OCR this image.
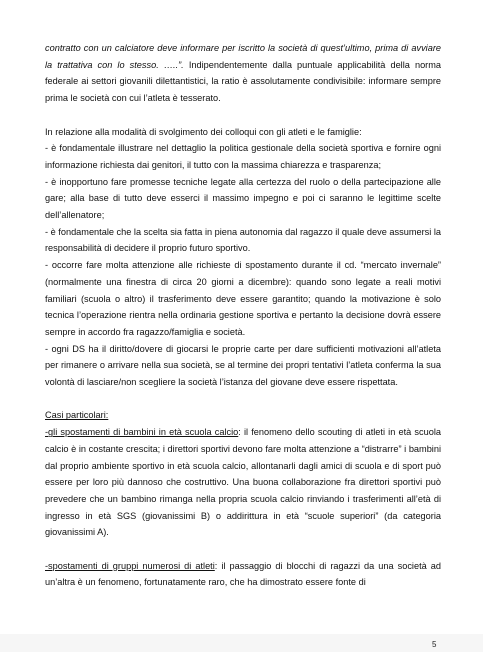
contratto con un calciatore deve informare per iscritto la società di quest’ultimo, prima di avviare la trattativa con lo stesso. …..”. Indipendentemente dalla puntuale applicabilità della norma federale ai settori giovanili dilettantistici, la ratio è assolutamente condivisibile: informare sempre prima le società con cui l’atleta è tesserato.

In relazione alla modalità di svolgimento dei colloqui con gli atleti e le famiglie:

- è fondamentale illustrare nel dettaglio la politica gestionale della società sportiva e fornire ogni informazione richiesta dai genitori, il tutto con la massima chiarezza e trasparenza;

- è inopportuno fare promesse tecniche legate alla certezza del ruolo o della partecipazione alle gare; alla base di tutto deve esserci il massimo impegno e poi ci saranno le legittime scelte dell’allenatore;

- è fondamentale che la scelta sia fatta in piena autonomia dal ragazzo il quale deve assumersi la responsabilità di decidere il proprio futuro sportivo.

- occorre fare molta attenzione alle richieste di spostamento durante il cd. “mercato invernale” (normalmente una finestra di circa 20 giorni a dicembre): quando sono legate a reali motivi familiari (scuola o altro) il trasferimento deve essere garantito; quando la motivazione è solo tecnica l’operazione rientra nella ordinaria gestione sportiva e pertanto la decisione dovrà essere sempre in accordo fra ragazzo/famiglia e società.

- ogni DS ha il diritto/dovere di giocarsi le proprie carte per dare sufficienti motivazioni all’atleta per rimanere o arrivare nella sua società, se al termine dei propri tentativi l’atleta conferma la sua volontà di lasciare/non scegliere la società l’istanza del giovane deve essere rispettata.

Casi particolari:

-gli spostamenti di bambini in età scuola calcio: il fenomeno dello scouting di atleti in età scuola calcio è in costante crescita; i direttori sportivi devono fare molta attenzione a “distrarre” i bambini dal proprio ambiente sportivo in età scuola calcio, allontanarli dagli amici di scuola e di sport può essere per loro più dannoso che costruttivo. Una buona collaborazione fra direttori sportivi può prevedere che un bambino rimanga nella propria scuola calcio rinviando i trasferimenti all’età di ingresso in età SGS (giovanissimi B) o addirittura in età “scuole superiori” (da categoria giovanissimi A).

-spostamenti di gruppi numerosi di atleti: il passaggio di blocchi di ragazzi da una società ad un’altra è un fenomeno, fortunatamente raro, che ha dimostrato essere fonte di

5
